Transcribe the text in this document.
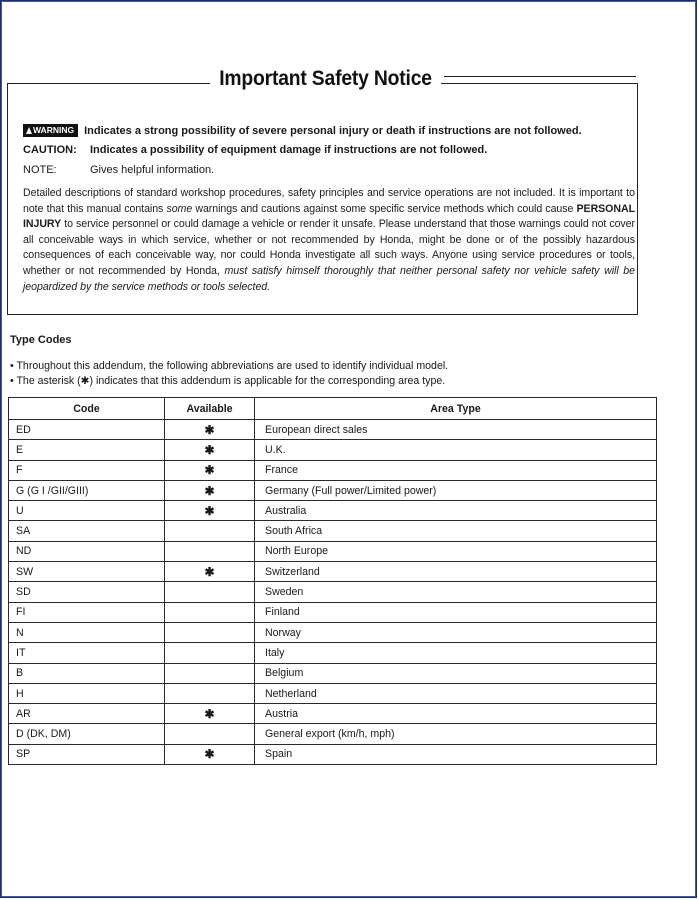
Important Safety Notice
WARNING Indicates a strong possibility of severe personal injury or death if instructions are not followed.
CAUTION: Indicates a possibility of equipment damage if instructions are not followed.
NOTE:	Gives helpful information.
Detailed descriptions of standard workshop procedures, safety principles and service operations are not included. It is important to note that this manual contains some warnings and cautions against some specific service methods which could cause PERSONAL INJURY to service personnel or could damage a vehicle or render it unsafe. Please understand that those warnings could not cover all conceivable ways in which service, whether or not recommended by Honda, might be done or of the possibly hazardous consequences of each conceivable way, nor could Honda investigate all such ways. Anyone using service procedures or tools, whether or not recommended by Honda, must satisfy himself thoroughly that neither personal safety nor vehicle safety will be jeopardized by the service methods or tools selected.
Type Codes
• Throughout this addendum, the following abbreviations are used to identify individual model.
• The asterisk (✱) indicates that this addendum is applicable for the corresponding area type.
Code	Available	Area Type
ED	✱	European direct sales
E	✱	U.K.
F	✱	France
G (G I /GII/GIII)	✱	Germany (Full power/Limited power)
U	✱	Australia
SA		South Africa
ND		North Europe
SW	✱	Switzerland
SD		Sweden
FI		Finland
N		Norway
IT		Italy
B		Belgium
H		Netherland
AR	✱	Austria
D (DK, DM)		General export (km/h, mph)
SP	✱	Spain
